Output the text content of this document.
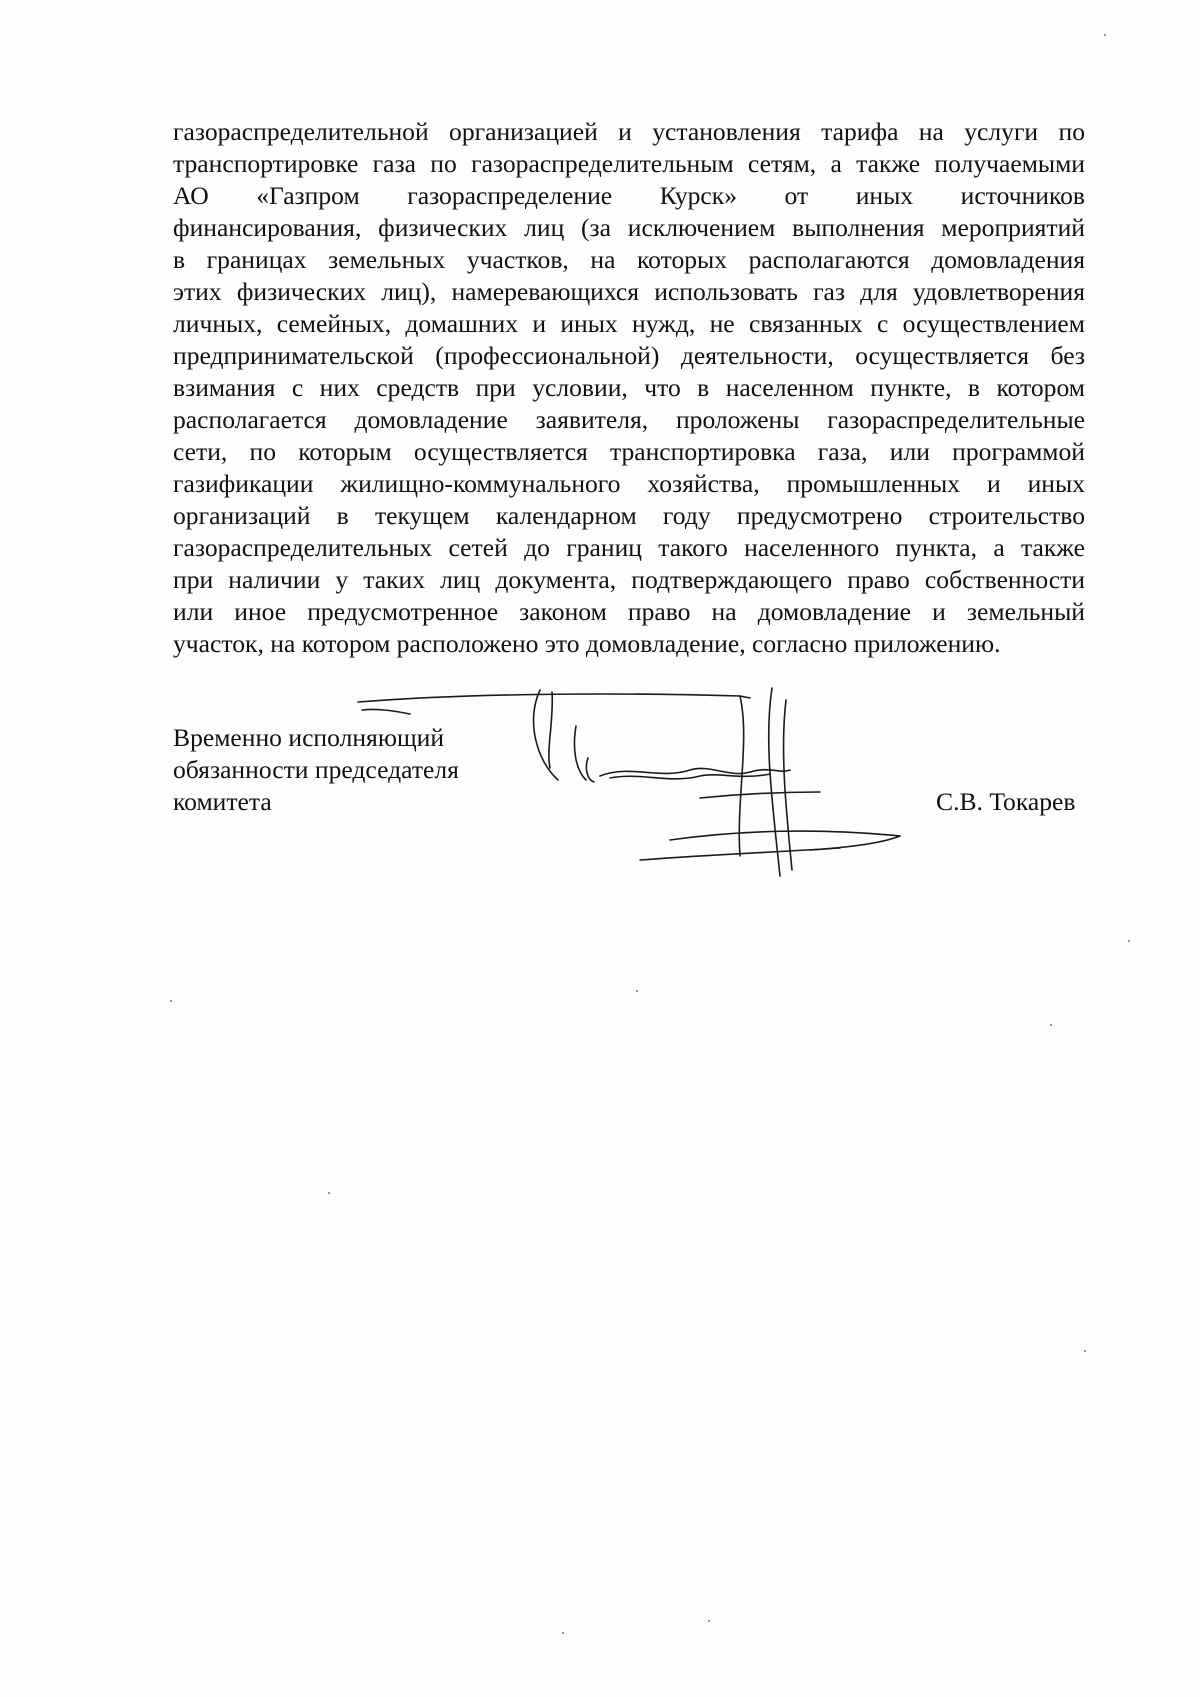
газораспределительной организацией и установления тарифа на услуги по
транспортировке газа по газораспределительным сетям, а также получаемыми
АО «Газпром газораспределение Курск» от иных источников
финансирования, физических лиц (за исключением выполнения мероприятий
в границах земельных участков, на которых располагаются домовладения
этих физических лиц), намеревающихся использовать газ для удовлетворения
личных, семейных, домашних и иных нужд, не связанных с осуществлением
предпринимательской (профессиональной) деятельности, осуществляется без
взимания с них средств при условии, что в населенном пункте, в котором
располагается домовладение заявителя, проложены газораспределительные
сети, по которым осуществляется транспортировка газа, или программой
газификации жилищно-коммунального хозяйства, промышленных и иных
организаций в текущем календарном году предусмотрено строительство
газораспределительных сетей до границ такого населенного пункта, а также
при наличии у таких лиц документа, подтверждающего право собственности
или иное предусмотренное законом право на домовладение и земельный
участок, на котором расположено это домовладение, согласно приложению.
Временно исполняющий
обязанности председателя
комитета	С.В. Токарев
